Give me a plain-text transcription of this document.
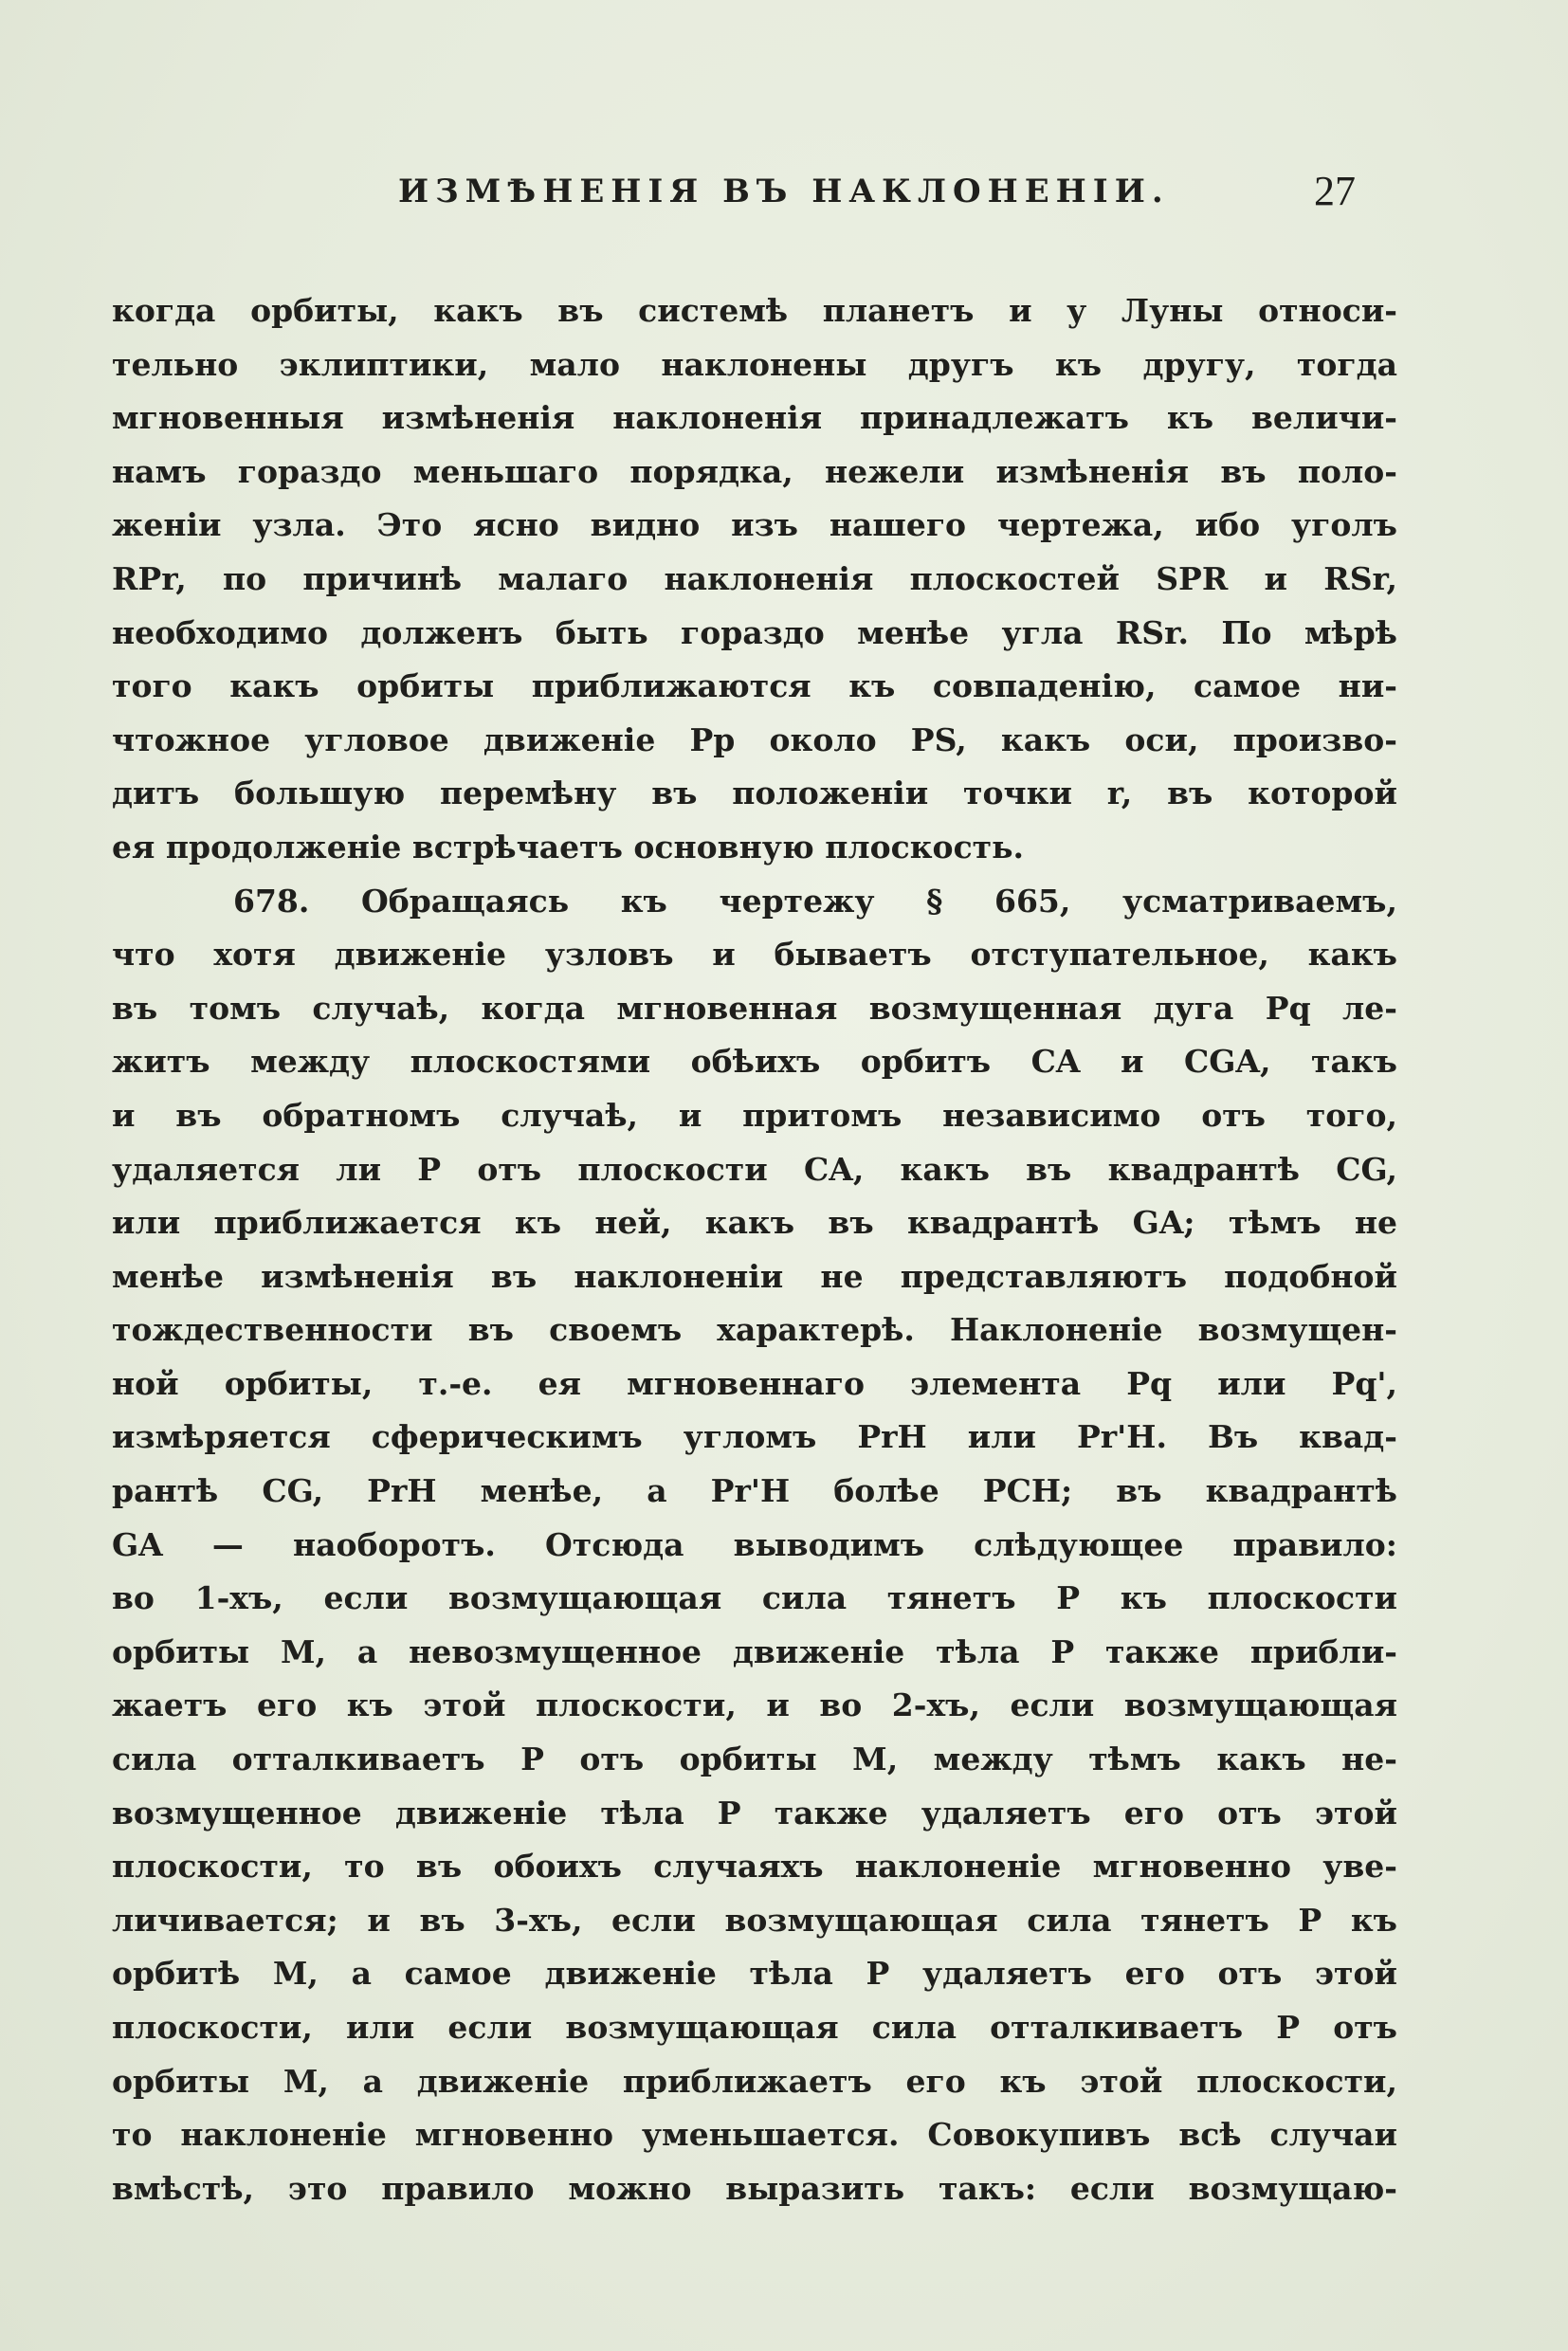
ИЗМѢНЕНІЯ ВЪ НАКЛОНЕНІИ.	27
когда орбиты, какъ въ системѣ планетъ и у Луны относи-
тельно эклиптики, мало наклонены другъ къ другу, тогда
мгновенныя измѣненія наклоненія принадлежатъ къ величи-
намъ гораздо меньшаго порядка, нежели измѣненія въ поло-
женіи узла. Это ясно видно изъ нашего чертежа, ибо уголъ
RPr, по причинѣ малаго наклоненія плоскостей SPR и RSr,
необходимо долженъ быть гораздо менѣе угла RSr. По мѣрѣ
того какъ орбиты приближаются къ совпаденію, самое ни-
чтожное угловое движеніе Pp около PS, какъ оси, произво-
дитъ большую перемѣну въ положеніи точки r, въ которой
ея продолженіе встрѣчаетъ основную плоскость.
678. Обращаясь къ чертежу § 665, усматриваемъ,
что хотя движеніе узловъ и бываетъ отступательное, какъ
въ томъ случаѣ, когда мгновенная возмущенная дуга Pq ле-
житъ между плоскостями обѣихъ орбитъ CA и CGA, такъ
и въ обратномъ случаѣ, и притомъ независимо отъ того,
удаляется ли P отъ плоскости CA, какъ въ квадрантѣ CG,
или приближается къ ней, какъ въ квадрантѣ GA; тѣмъ не
менѣе измѣненія въ наклоненіи не представляютъ подобной
тождественности въ своемъ характерѣ. Наклоненіе возмущен-
ной орбиты, т.-е. ея мгновеннаго элемента Pq или Pq',
измѣряется сферическимъ угломъ PrH или Pr'H. Въ квад-
рантѣ CG, PrH менѣе, а Pr'H болѣе PCH; въ квадрантѣ
GA — наоборотъ. Отсюда выводимъ слѣдующее правило:
во 1-хъ, если возмущающая сила тянетъ P къ плоскости
орбиты M, а невозмущенное движеніе тѣла P также прибли-
жаетъ его къ этой плоскости, и во 2-хъ, если возмущающая
сила отталкиваетъ P отъ орбиты M, между тѣмъ какъ не-
возмущенное движеніе тѣла P также удаляетъ его отъ этой
плоскости, то въ обоихъ случаяхъ наклоненіе мгновенно уве-
личивается; и въ 3-хъ, если возмущающая сила тянетъ P къ
орбитѣ M, а самое движеніе тѣла P удаляетъ его отъ этой
плоскости, или если возмущающая сила отталкиваетъ P отъ
орбиты M, а движеніе приближаетъ его къ этой плоскости,
то наклоненіе мгновенно уменьшается. Совокупивъ всѣ случаи
вмѣстѣ, это правило можно выразить такъ: если возмущаю-
